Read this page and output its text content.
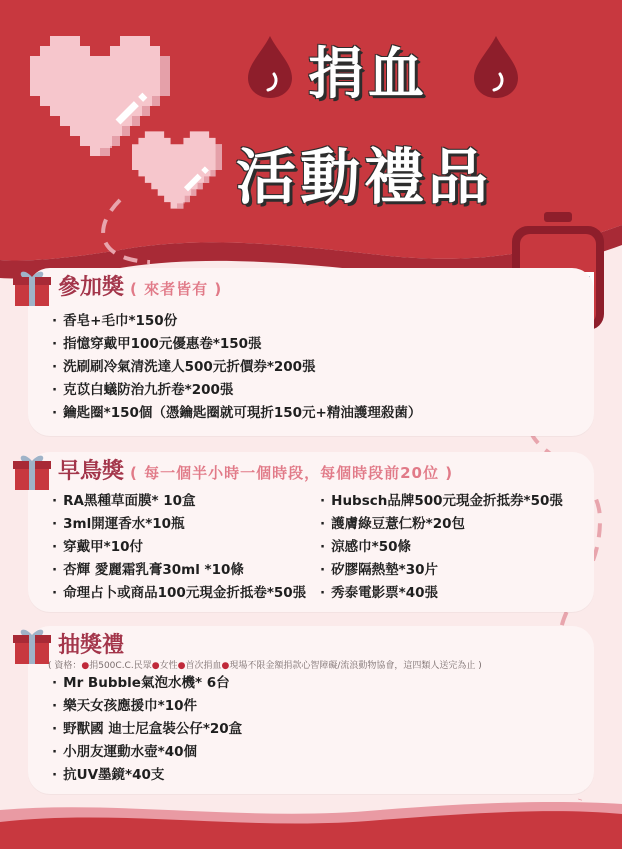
捐血
活動禮品
參加獎 ( 來者皆有 )
· 香皂+毛巾*150份
· 指憶穿戴甲100元優惠卷*150張
· 洗刷刷冷氣清洗達人500元折價券*200張
· 克苡白蟻防治九折卷*200張
· 鑰匙圈*150個（憑鑰匙圈就可現折150元+精油護理殺菌）
早鳥獎 ( 每一個半小時一個時段，每個時段前20位 )
· RA黑種草面膜* 10盒
· 3ml開運香水*10瓶
· 穿戴甲*10付
· 杏輝 愛麗霜乳膏30ml *10條
· 命理占卜或商品100元現金折抵卷*50張
· Hubsch品牌500元現金折抵券*50張
· 護膚綠豆薏仁粉*20包
· 涼感巾*50條
· 矽膠隔熱墊*30片
· 秀泰電影票*40張
抽獎禮
( 資格：●捐500C.C.民眾●女性●首次捐血●現場不限金額捐款心智障礙/流浪動物協會，這四類人送完為止 )
· Mr Bubble氣泡水機* 6台
· 樂天女孩應援巾*10件
· 野獸國 迪士尼盒裝公仔*20盒
· 小朋友運動水壺*40個
· 抗UV墨鏡*40支
